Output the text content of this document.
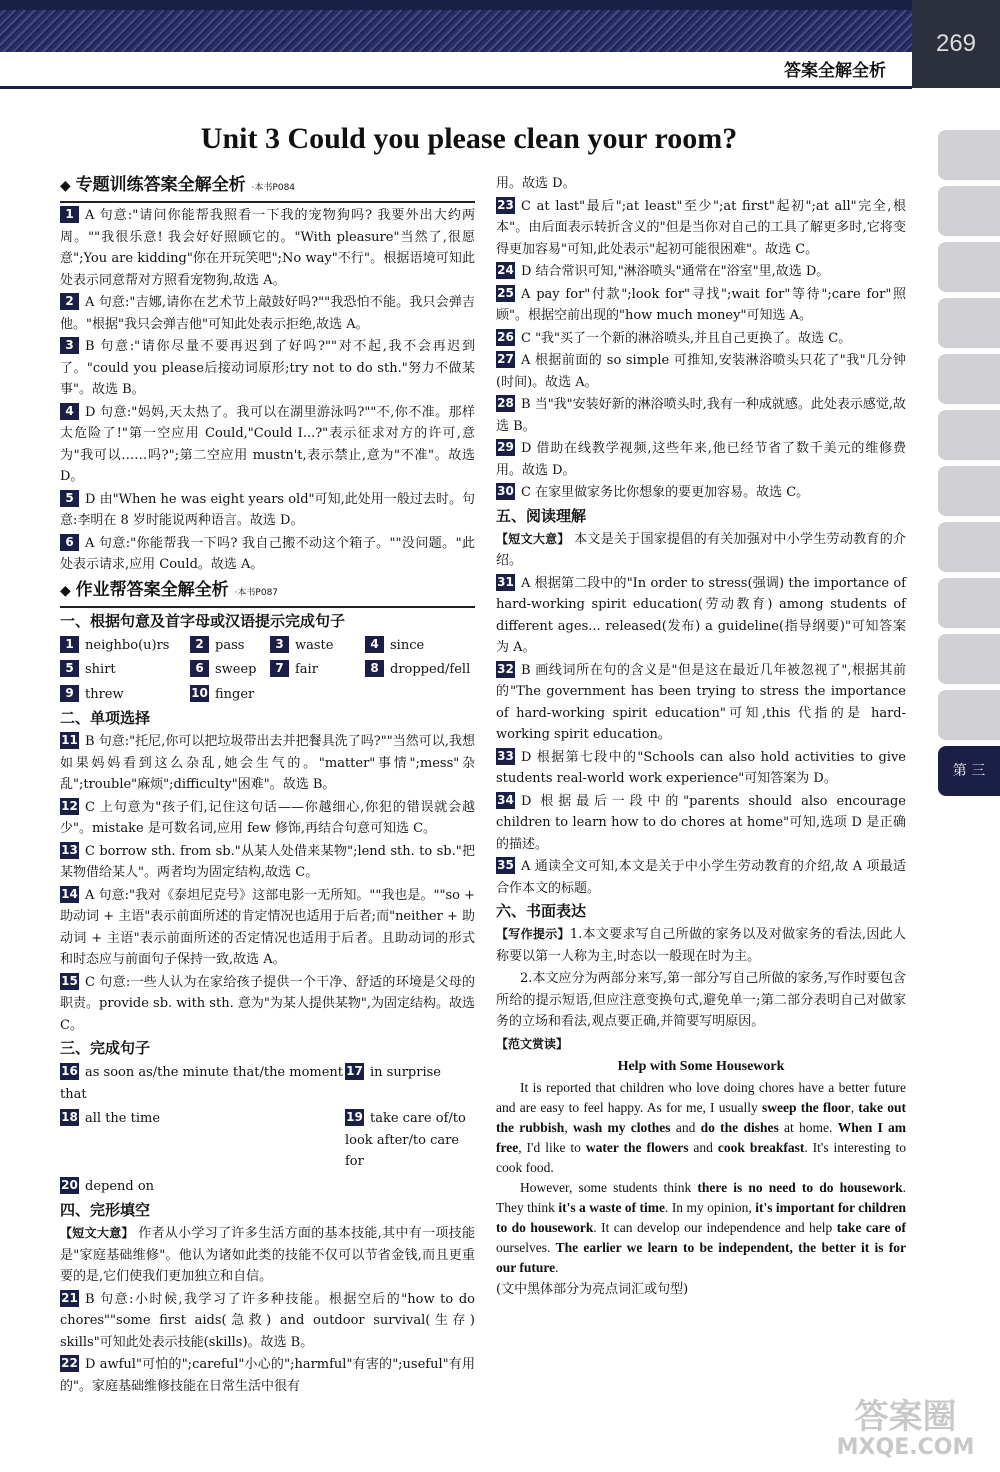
答案全解全析
269
第 三
Unit 3 Could you please clean your room?
◆ 专题训练答案全解全析 ·本书P084
1 A 句意:"请问你能帮我照看一下我的宠物狗吗? 我要外出大约两周。""我很乐意! 我会好好照顾它的。"With pleasure"当然了,很愿意";You are kidding"你在开玩笑吧";No way"不行"。根据语境可知此处表示同意帮对方照看宠物狗,故选 A。
2 A 句意:"吉娜,请你在艺术节上敲鼓好吗?""我恐怕不能。我只会弹吉他。"根据"我只会弹吉他"可知此处表示拒绝,故选 A。
3 B 句意:"请你尽量不要再迟到了好吗?""对不起,我不会再迟到了。"could you please后接动词原形;try not to do sth."努力不做某事"。故选 B。
4 D 句意:"妈妈,天太热了。我可以在湖里游泳吗?""不,你不准。那样太危险了!"第一空应用 Could,"Could I...?"表示征求对方的许可,意为"我可以……吗?";第二空应用 mustn't,表示禁止,意为"不准"。故选 D。
5 D 由"When he was eight years old"可知,此处用一般过去时。句意:李明在 8 岁时能说两种语言。故选 D。
6 A 句意:"你能帮我一下吗? 我自己搬不动这个箱子。""没问题。"此处表示请求,应用 Could。故选 A。
◆ 作业帮答案全解全析 ·本书P087
一、根据句意及首字母或汉语提示完成句子
1 neighbo(u)rs	2 pass	3 waste	4 since
5 shirt	6 sweep	7 fair	8 dropped/fell
9 threw	10 finger
二、单项选择
11 B 句意:"托尼,你可以把垃圾带出去并把餐具洗了吗?""当然可以,我想如果妈妈看到这么杂乱,她会生气的。"matter"事情";mess"杂乱";trouble"麻烦";difficulty"困难"。故选 B。
12 C 上句意为"孩子们,记住这句话——你越细心,你犯的错误就会越少"。mistake 是可数名词,应用 few 修饰,再结合句意可知选 C。
13 C borrow sth. from sb."从某人处借来某物";lend sth. to sb."把某物借给某人"。两者均为固定结构,故选 C。
14 A 句意:"我对《泰坦尼克号》这部电影一无所知。""我也是。""so + 助动词 + 主语"表示前面所述的肯定情况也适用于后者;而"neither + 助动词 + 主语"表示前面所述的否定情况也适用于后者。且助动词的形式和时态应与前面句子保持一致,故选 A。
15 C 句意:一些人认为在家给孩子提供一个干净、舒适的环境是父母的职责。provide sb. with sth. 意为"为某人提供某物",为固定结构。故选 C。
三、完成句子
16 as soon as/the minute that/the moment that
17 in surprise
18 all the time	19 take care of/to look after/to care for
20 depend on
四、完形填空
【短文大意】 作者从小学习了许多生活方面的基本技能,其中有一项技能是"家庭基础维修"。他认为诸如此类的技能不仅可以节省金钱,而且更重要的是,它们使我们更加独立和自信。
21 B 句意:小时候,我学习了许多种技能。根据空后的"how to do chores""some first aids(急救) and outdoor survival(生存) skills"可知此处表示技能(skills)。故选 B。
22 D awful"可怕的";careful"小心的";harmful"有害的";useful"有用的"。家庭基础维修技能在日常生活中很有
用。故选 D。
23 C at last"最后";at least"至少";at first"起初";at all"完全,根本"。由后面表示转折含义的"但是当你对自己的工具了解更多时,它将变得更加容易"可知,此处表示"起初可能很困难"。故选 C。
24 D 结合常识可知,"淋浴喷头"通常在"浴室"里,故选 D。
25 A pay for"付款";look for"寻找";wait for"等待";care for"照顾"。根据空前出现的"how much money"可知选 A。
26 C "我"买了一个新的淋浴喷头,并且自己更换了。故选 C。
27 A 根据前面的 so simple 可推知,安装淋浴喷头只花了"我"几分钟(时间)。故选 A。
28 B 当"我"安装好新的淋浴喷头时,我有一种成就感。此处表示感觉,故选 B。
29 D 借助在线教学视频,这些年来,他已经节省了数千美元的维修费用。故选 D。
30 C 在家里做家务比你想象的要更加容易。故选 C。
五、阅读理解
【短文大意】 本文是关于国家提倡的有关加强对中小学生劳动教育的介绍。
31 A 根据第二段中的"In order to stress(强调) the importance of hard-working spirit education(劳动教育) among students of different ages... released(发布) a guideline(指导纲要)"可知答案为 A。
32 B 画线词所在句的含义是"但是这在最近几年被忽视了",根据其前的"The government has been trying to stress the importance of hard-working spirit education"可知,this 代指的是 hard-working spirit education。
33 D 根据第七段中的"Schools can also hold activities to give students real-world work experience"可知答案为 D。
34 D 根据最后一段中的"parents should also encourage children to learn how to do chores at home"可知,选项 D 是正确的描述。
35 A 通读全文可知,本文是关于中小学生劳动教育的介绍,故 A 项最适合作本文的标题。
六、书面表达
【写作提示】1.本文要求写自己所做的家务以及对做家务的看法,因此人称要以第一人称为主,时态以一般现在时为主。
2.本文应分为两部分来写,第一部分写自己所做的家务,写作时要包含所给的提示短语,但应注意变换句式,避免单一;第二部分表明自己对做家务的立场和看法,观点要正确,并简要写明原因。
【范文赏读】
Help with Some Housework

It is reported that children who love doing chores have a better future and are easy to feel happy. As for me, I usually sweep the floor, take out the rubbish, wash my clothes and do the dishes at home. When I am free, I'd like to water the flowers and cook breakfast. It's interesting to cook food.

However, some students think there is no need to do housework. They think it's a waste of time. In my opinion, it's important for children to do housework. It can develop our independence and help take care of ourselves. The earlier we learn to be independent, the better it is for our future.

(文中黑体部分为亮点词汇或句型)
答案圈
MXQE.COM
